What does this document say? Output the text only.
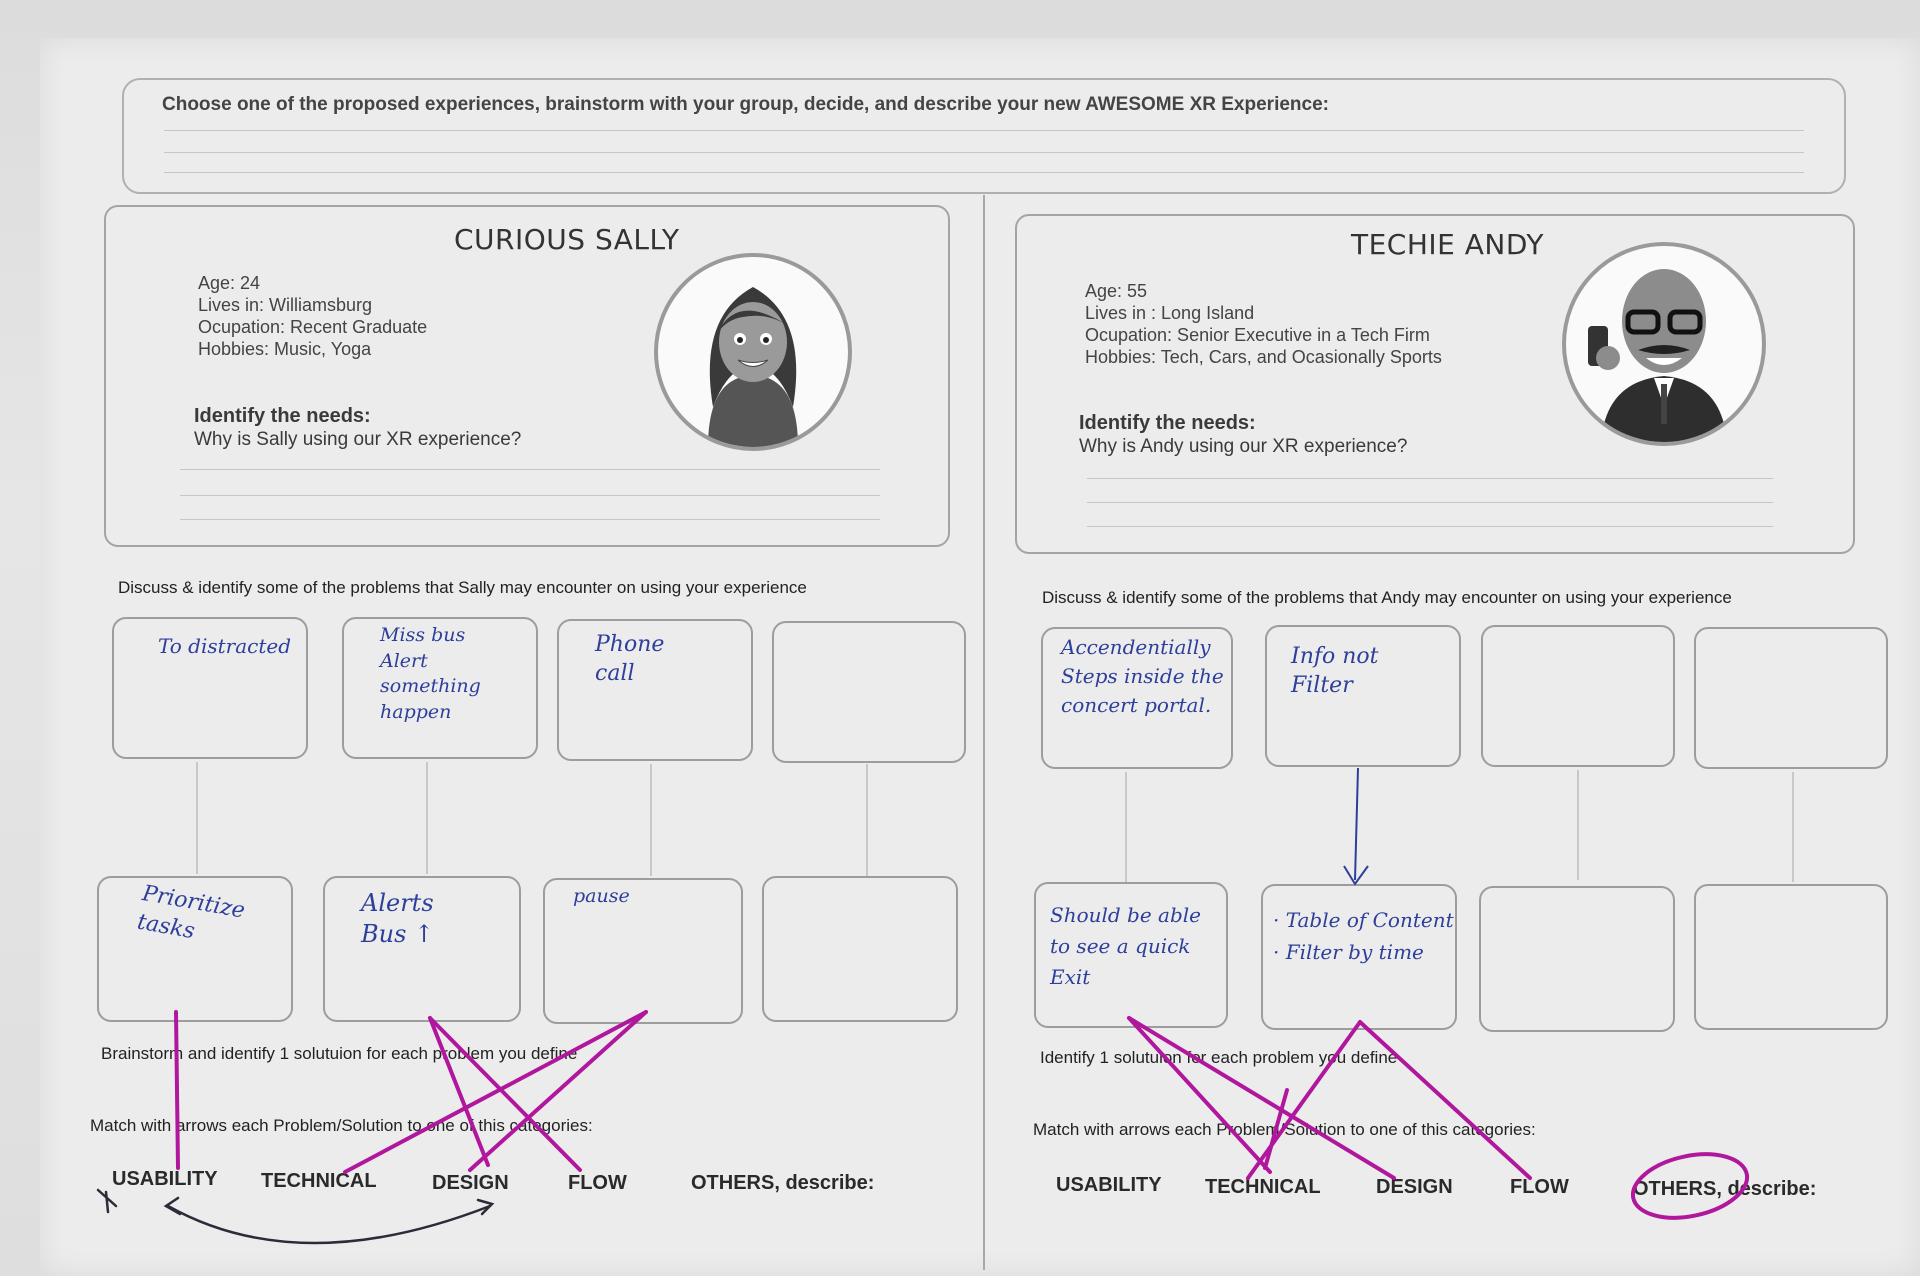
Choose one of the proposed experiences, brainstorm with your group, decide, and describe your new AWESOME XR Experience:
CURIOUS SALLY
Age: 24
Lives in: Williamsburg
Ocupation: Recent Graduate
Hobbies: Music, Yoga
Identify the needs:
Why is Sally using our XR experience?
TECHIE ANDY
Age: 55
Lives in : Long Island
Ocupation: Senior Executive in a Tech Firm
Hobbies: Tech, Cars, and Ocasionally Sports
Identify the needs:
Why is Andy using our XR experience?
Discuss & identify some of the problems that Sally may encounter on using your experience
To distracted	Miss bus
Alert
something happen
Phone call
Prioritize tasks
Alerts
Bus ↑
pause
Brainstorm and identify 1 solutuion for each problem you define
Match with arrows each Problem/Solution to one of this categories:
USABILITY TECHNICAL	DESIGN	FLOW	OTHERS, describe:
Discuss & identify some of the problems that Andy may encounter on using your experience
Accendentially Steps inside the concert portal.
Info not Filter
Should be able to see a quick Exit
· Table of Content
· Filter by time
Identify 1 solutuion for each problem you define
Match with arrows each Problem/Solution to one of this categories:
USABILITY TECHNICAL	DESIGN	FLOW	OTHERS, describe:
